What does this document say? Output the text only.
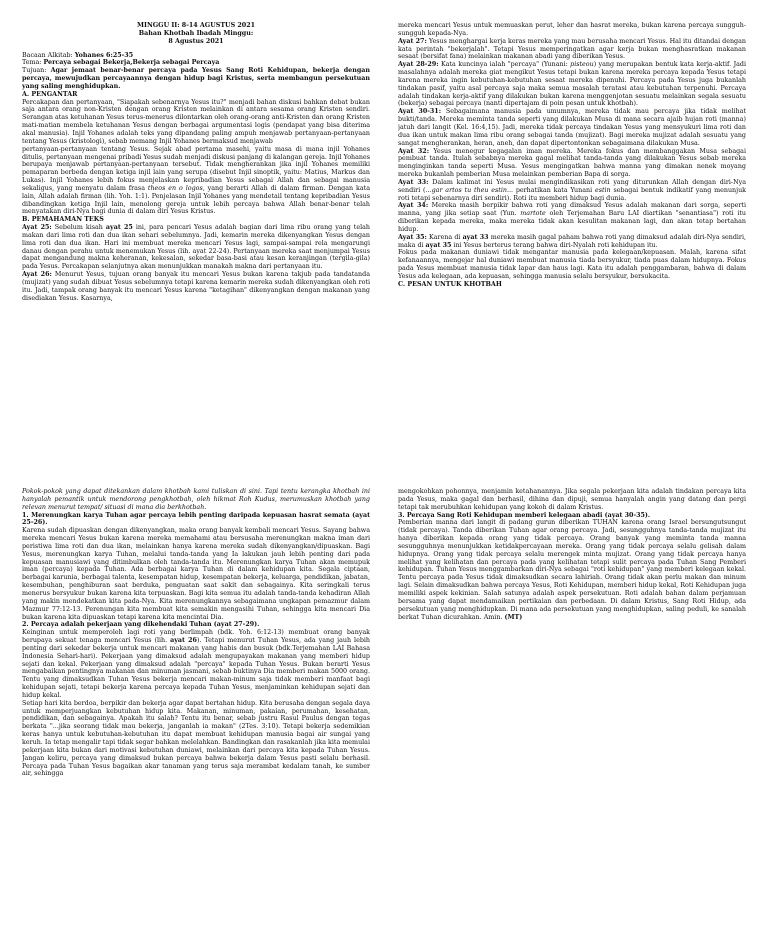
MINGGU II: 8-14 AGUSTUS 2021

Bahan Khotbah Ibadah Minggu:

8 Agustus 2021

Bacaan Alkitab: Yohanes 6:25-35

Tema: Percaya sebagai Bekerja,Bekerja sebagai Percaya

Tujuan: Agar jemaat benar-benar percaya pada Yesus Sang Roti Kehidupan, bekerja dengan percaya, mewujudkan percayaannya dengan hidup bagi Kristus, serta membangun persekutuan yang saling menghidupkan.

A. PENGANTAR

Percakapan dan pertanyaan, "Siapakah sebenarnya Yesus itu?" menjadi bahan diskusi bahkan debat bukan saja antara orang non-Kristen dengan orang Kristen melainkan di antara sesama orang Kristen sendiri. Serangan atas ketuhanan Yesus terus-menerus dilontarkan oleh orang-orang anti-Kristen dan orang Kristen mati-matian membela ketuhanan Yesus dengan berbagai argumentasi logis (pendapat yang bisa diterima akal manusia). Injil Yohanes adalah teks yang dipandang paling ampuh menjawab pertanyaan-pertanyaan tentang Yesus (kristologi), sebab memang Injil Yohanes bermaksud menjawab

pertanyaan-pertanyaan tentang Yesus. Sejak abad pertama masehi, yaitu masa di mana injil Yohanes ditulis, pertanyaan mengenai pribadi Yesus sudah menjadi diskusi panjang di kalangan gereja. Injil Yohanes berupaya menjawab pertanyaan-pertanyaan tersebut. Tidak mengherankan jika injil Yohanes memiliki pemaparan berbeda dengan ketiga injil lain yang serupa (disebut Injil sinoptik, yaitu: Matius, Markus dan Lukas). Injil Yohanes lebih fokus menjelaskan kepribadian Yesus sebagai Allah dan sebagai manusia sekaligus, yang menyatu dalam frasa theos en o logos, yang berarti Allah di dalam firman. Dengan kata lain, Allah adalah firman (lih. Yoh. 1:1). Penjelasan Injil Yohanes yang mendetail tentang kepribadian Yesus dibandingkan ketiga Injil lain, menolong gereja untuk lebih percaya bahwa Allah benar-benar telah menyatakan diri-Nya bagi dunia di dalam diri Yesus Kristus.

B. PEMAHAMAN TEKS

Ayat 25: Sebelum kisah ayat 25 ini, para pencari Yesus adalah bagian dari lima ribu orang yang telah makan dari lima roti dan dua ikan sehari sebelumnya. Jadi, kemarin mereka dikenyangkan Yesus dengan lima roti dan dua ikan. Hari ini membuat mereka mencari Yesus lagi, sampai-sampai rela mengarungi danau dengan perahu untuk menemukan Yesus (lih. ayat 22-24). Pertanyaan mereka saat menjumpai Yesus dapat mengandung makna keheranan, kekesalan, sekedar basa-basi atau kesan keranjingan (tergila-gila) pada Yesus. Percakapan selanjutnya akan menunjukkan manakah makna dari pertanyaan itu.

Ayat 26: Menurut Yesus, tujuan orang banyak itu mencari Yesus bukan karena takjub pada tandatanda (mujizat) yang sudah dibuat Yesus sebelumnya tetapi karena kemarin mereka sudah dikenyangkan oleh roti itu. Jadi, tampak orang banyak itu mencari Yesus karena "ketagihan" dikenyangkan dengan makanan yang disediakan Yesus. Kasarnya,

mereka mencari Yesus untuk memuaskan perut, leher dan hasrat mereka, bukan karena percaya sungguh-sungguh kepada-Nya.

Ayat 27: Yesus menghargai kerja keras mereka yang mau berusaha mencari Yesus. Hal itu ditandai dengan kata perintah "bekerjalah". Tetapi Yesus memperingatkan agar kerja bukan menghasratkan makanan sesaat (bersifat fana) melainkan makanan abadi yang diberikan Yesus.

Ayat 28-29: Kata kuncinya ialah "percaya" (Yunani: pisteou) yang merupakan bentuk kata kerja-aktif. Jadi masalahnya adalah mereka giat mengikut Yesus tetapi bukan karena mereka percaya kepada Yesus tetapi karena mereka ingin kebutuhan-kebutuhan sesaat mereka dipenuhi. Percaya pada Yesus juga bukanlah tindakan pasif, yaitu asal percaya saja maka semua masalah teratasi atau kebutuhan terpenuhi. Percaya adalah tindakan kerja-aktif yang dilakukan bukan karena menggenjotan sesuatu melainkan segala sesuatu (bekerja) sebagai percaya (nanti dipertajam di poin pesan untuk khotbah).

Ayat 30-31: Sebagaimana manusia pada umumnya, mereka tidak mau percaya jika tidak melihat bukti/tanda. Mereka meminta tanda seperti yang dilakukan Musa di mana secara ajaib hujan roti (manna) jatuh dari langit (Kel. 16:4,15). Jadi, mereka tidak percaya tindakan Yesus yang mensyukuri lima roti dan dua ikan untuk makan lima ribu orang sebagai tanda (mujizat). Bagi mereka mujizat adalah sesuatu yang sangat mengherankan, heran, aneh, dan dapat dipertontonkan sebagaimana dilakukan Musa.

Ayat 32: Yesus menegur kegagalan iman mereka. Mereka fokus dan membanggakan Musa sebagai pembuat tanda. Itulah sebabnya mereka gagal melihat tanda-tanda yang dilakukan Yesus sebab mereka menginginkan tanda seperti Musa. Yesus mengingatkan bahwa manna yang dimakan nenek moyang mereka bukanlah pemberian Musa melainkan pemberian Bapa di sorga.

Ayat 33: Dalam kalimat ini Yesus mulai mengindikasikan roti yang diturunkan Allah dengan diri-Nya sendiri (...gar artos tu theu estin... perhatikan kata Yunani estin sebagai bentuk indikatif yang menunjuk roti tetapi sebenarnya diri sendiri). Roti itu memberi hidup bagi dunia.

Ayat 34: Mereka masih berpikir bahwa roti yang dimaksud Yesus adalah makanan dari sorga, seperti manna, yang jika setiap saat (Yun. martote oleh Terjemahan Baru LAI diartikan "senantiasa") roti itu diberikan kepada mereka, maka mereka tidak akan kesulitan makanan lagi, dan akan tetap bertahan hidup.

Ayat 35: Karena di ayat 33 mereka masih gagal paham bahwa roti yang dimaksud adalah diri-Nya sendiri, maka di ayat 35 ini Yesus berterus terang bahwa diri-Nyalah roti kehidupan itu.

Fokus pada makanan duniawi tidak mengantar manusia pada kelegaan/kepuasan. Malah, karena sifat kefanaannya, mengejar hal duniawi membuat manusia tiada bersyukur, tiada puas dalam hidupnya. Fokus pada Yesus membuat manusia tidak lapar dan haus lagi. Kata itu adalah penggambaran, bahwa di dalam Yesus ada kelegaan, ada kepuasan, sehingga manusia selalu bersyukur, bersukacita.

C. PESAN UNTUK KHOTBAH

Pokok-pokok yang dapat ditekankan dalam khotbah kami tuliskan di sini. Tapi tentu kerangka khotbah ini hanyalah pemantik untuk mendorong pengkhotbah, oleh hikmat Roh Kudus, merumuskan khotbah yang relevan menurut tempat/ situasi di mana dia berkhotbah.

1. Merenungkan karya Tuhan agar percaya lebih penting daripada kepuasan hasrat semata (ayat 25-26).

Karena sudah dipuaskan dengan dikenyangkan, maka orang banyak kembali mencari Yesus. Sayang bahwa mereka mencari Yesus bukan karena mereka memahami atau bersusaha merenungkan makna iman dari peristiwa lima roti dan dua ikan, melainkan hanya karena mereka sudah dikenyangkan/dipuaskan. Bagi Yesus, merenungkan karya Tuhan, melalui tanda-tanda yang Ia lakukan jauh lebih penting dari pada kepuasan manusiawi yang ditimbulkan oleh tanda-tanda itu. Merenungkan karya Tuhan akan memupuk iman (percaya) kepada Tuhan. Ada berbagai karya Tuhan di dalam kehidupan kita. Segala ciptaan, berbagai karunia, berbagai talenta, kesempatan hidup, kesempatan bekerja, keluarga, pendidikan, jabatan, kesembuhan, penghiburan saat berduka, penguatan saat sakit dan sebagainya. Kita seringkali terus menerus bersyukur bukan karena kita terpuaskan. Bagi kita semua itu adalah tanda-tanda kehadiran Allah yang makin mendekatkan kita pada-Nya. Kita merenungkannya sebagaimana ungkapan pemazmur dalam Mazmur 77:12-13. Perenungan kita membuat kita semakin mengasihi Tuhan, sehingga kita mencari Dia bukan karena kita dipuaskan tetapi karena kita mencintai Dia.

2. Percaya adalah pekerjaan yang dikehendaki Tuhan (ayat 27-29).

Keinginan untuk memperoleh lagi roti yang berlimpah (bdk. Yoh. 6:12-13) membuat orang banyak berupaya sekuat tenaga mencari Yesus (lih. ayat 26). Tetapi menurut Tuhan Yesus, ada yang jauh lebih penting dari sekedar bekerja untuk mencari makanan yang habis dan busuk (bdk.Terjemahan LAI Bahasa Indonesia Sehari-hari). Pekerjaan yang dimaksud adalah mengupayakan makanan yang memberi hidup sejati dan kekal. Pekerjaan yang dimaksud adalah "percaya" kepada Tuhan Yesus. Bukan berarti Yesus mengabaikan pentingnya makanan dan minuman jasmani, sebab buktinya Dia memberi makan 5000 orang. Tentu yang dimaksudkan Tuhan Yesus bekerja mencari makan-minum saja tidak memberi manfaat bagi kehidupan sejati, tetapi bekerja karena percaya kepada Tuhan Yesus, menjaminkan kehidupan sejati dan hidup kekal.

Setiap hari kita berdoa, berpikir dan bekerja agar dapat bertahan hidup. Kita berusaha dengan segala daya untuk memperjuangkan kebutuhan hidup kita. Makanan, minuman, pakaian, perumahan, kesehatan, pendidikan, dan sebagainya. Apakah itu salah? Tentu itu benar, sebab justru Rasul Paulus dengan tegas berkata "...jika seorang tidak mau bekerja, janganlah ia makan" (2Tes. 3:10). Tetapi bekerja sedemikian keras hanya untuk kebutuhan-kebutuhan itu dapat membuat kehidupan manusia bagai air sungai yang keruh. Ia tetap mengalir tapi tidak segar bahkan melelahkan. Bandingkan dan rasakanlah jika kita memulai pekerjaan kita bukan dari motivasi kebutuhan duniawi, melainkan dari percaya kita kepada Tuhan Yesus. Jangan keliru, percaya yang dimaksud bukan percaya bahwa bekerja dalam Yesus pasti selalu berhasil. Percaya pada Tuhan Yesus bagaikan akar tanaman yang terus saja merambat kedalam tanah, ke sumber air, sehingga

mengokohkan pohonnya, menjamin ketahanannya. Jika segala pekerjaan kita adalah tindakan percaya kita pada Yesus, maka gagal dan berhasil, dihina dan dipuji, semua hanyalah angin yang datang dan pergi tetapi tak merubuhkan kehidupan yang kokoh di dalam Kristus.

3. Percaya Sang Roti Kehidupan memberi kelegaan abadi (ayat 30-35).

Pemberian manna dari langit di padang gurun diberikan TUHAN karena orang Israel bersungutsungut (tidak percaya). Tanda diberikan Tuhan agar orang percaya. Jadi, sesungguhnya tanda-tanda mujizat itu hanya diberikan kepada orang yang tidak percaya. Orang banyak yang meminta tanda manna sesungguhnya menunjukkan ketidakpercayaan mereka. Orang yang tidak percaya selalu gelisah dalam hidupnya. Orang yang tidak percaya selalu merengek minta mujizat. Orang yang tidak percaya hanya melihat yang kelihatan dan percaya pada yang kelihatan tetapi sulit percaya pada Tuhan Sang Pemberi kehidupan. Tuhan Yesus menggambarkan diri-Nya sebagai "roti kehidupan" yang memberi kelegaan kekal. Tentu percaya pada Yesus tidak dimaksudkan secara lahiriah. Orang tidak akan perlu makan dan minum lagi. Selain dimaksudkan bahwa percaya Yesus, Roti Kehidupan, memberi hidup kekal, Roti Kehidupan juga memiliki aspek kekinian. Salah satunya adalah aspek persekutuan. Roti adalah bahan dalam perjamuan bersama yang dapat mendamaikan pertikaian dan perbedaan. Di dalam Kristus, Sang Roti Hidup, ada persekutuan yang menghidupkan. Di mana ada persekutuan yang menghidupkan, saling peduli, ke sanalah berkat Tuhan dicurahkan. Amin. (MT)
